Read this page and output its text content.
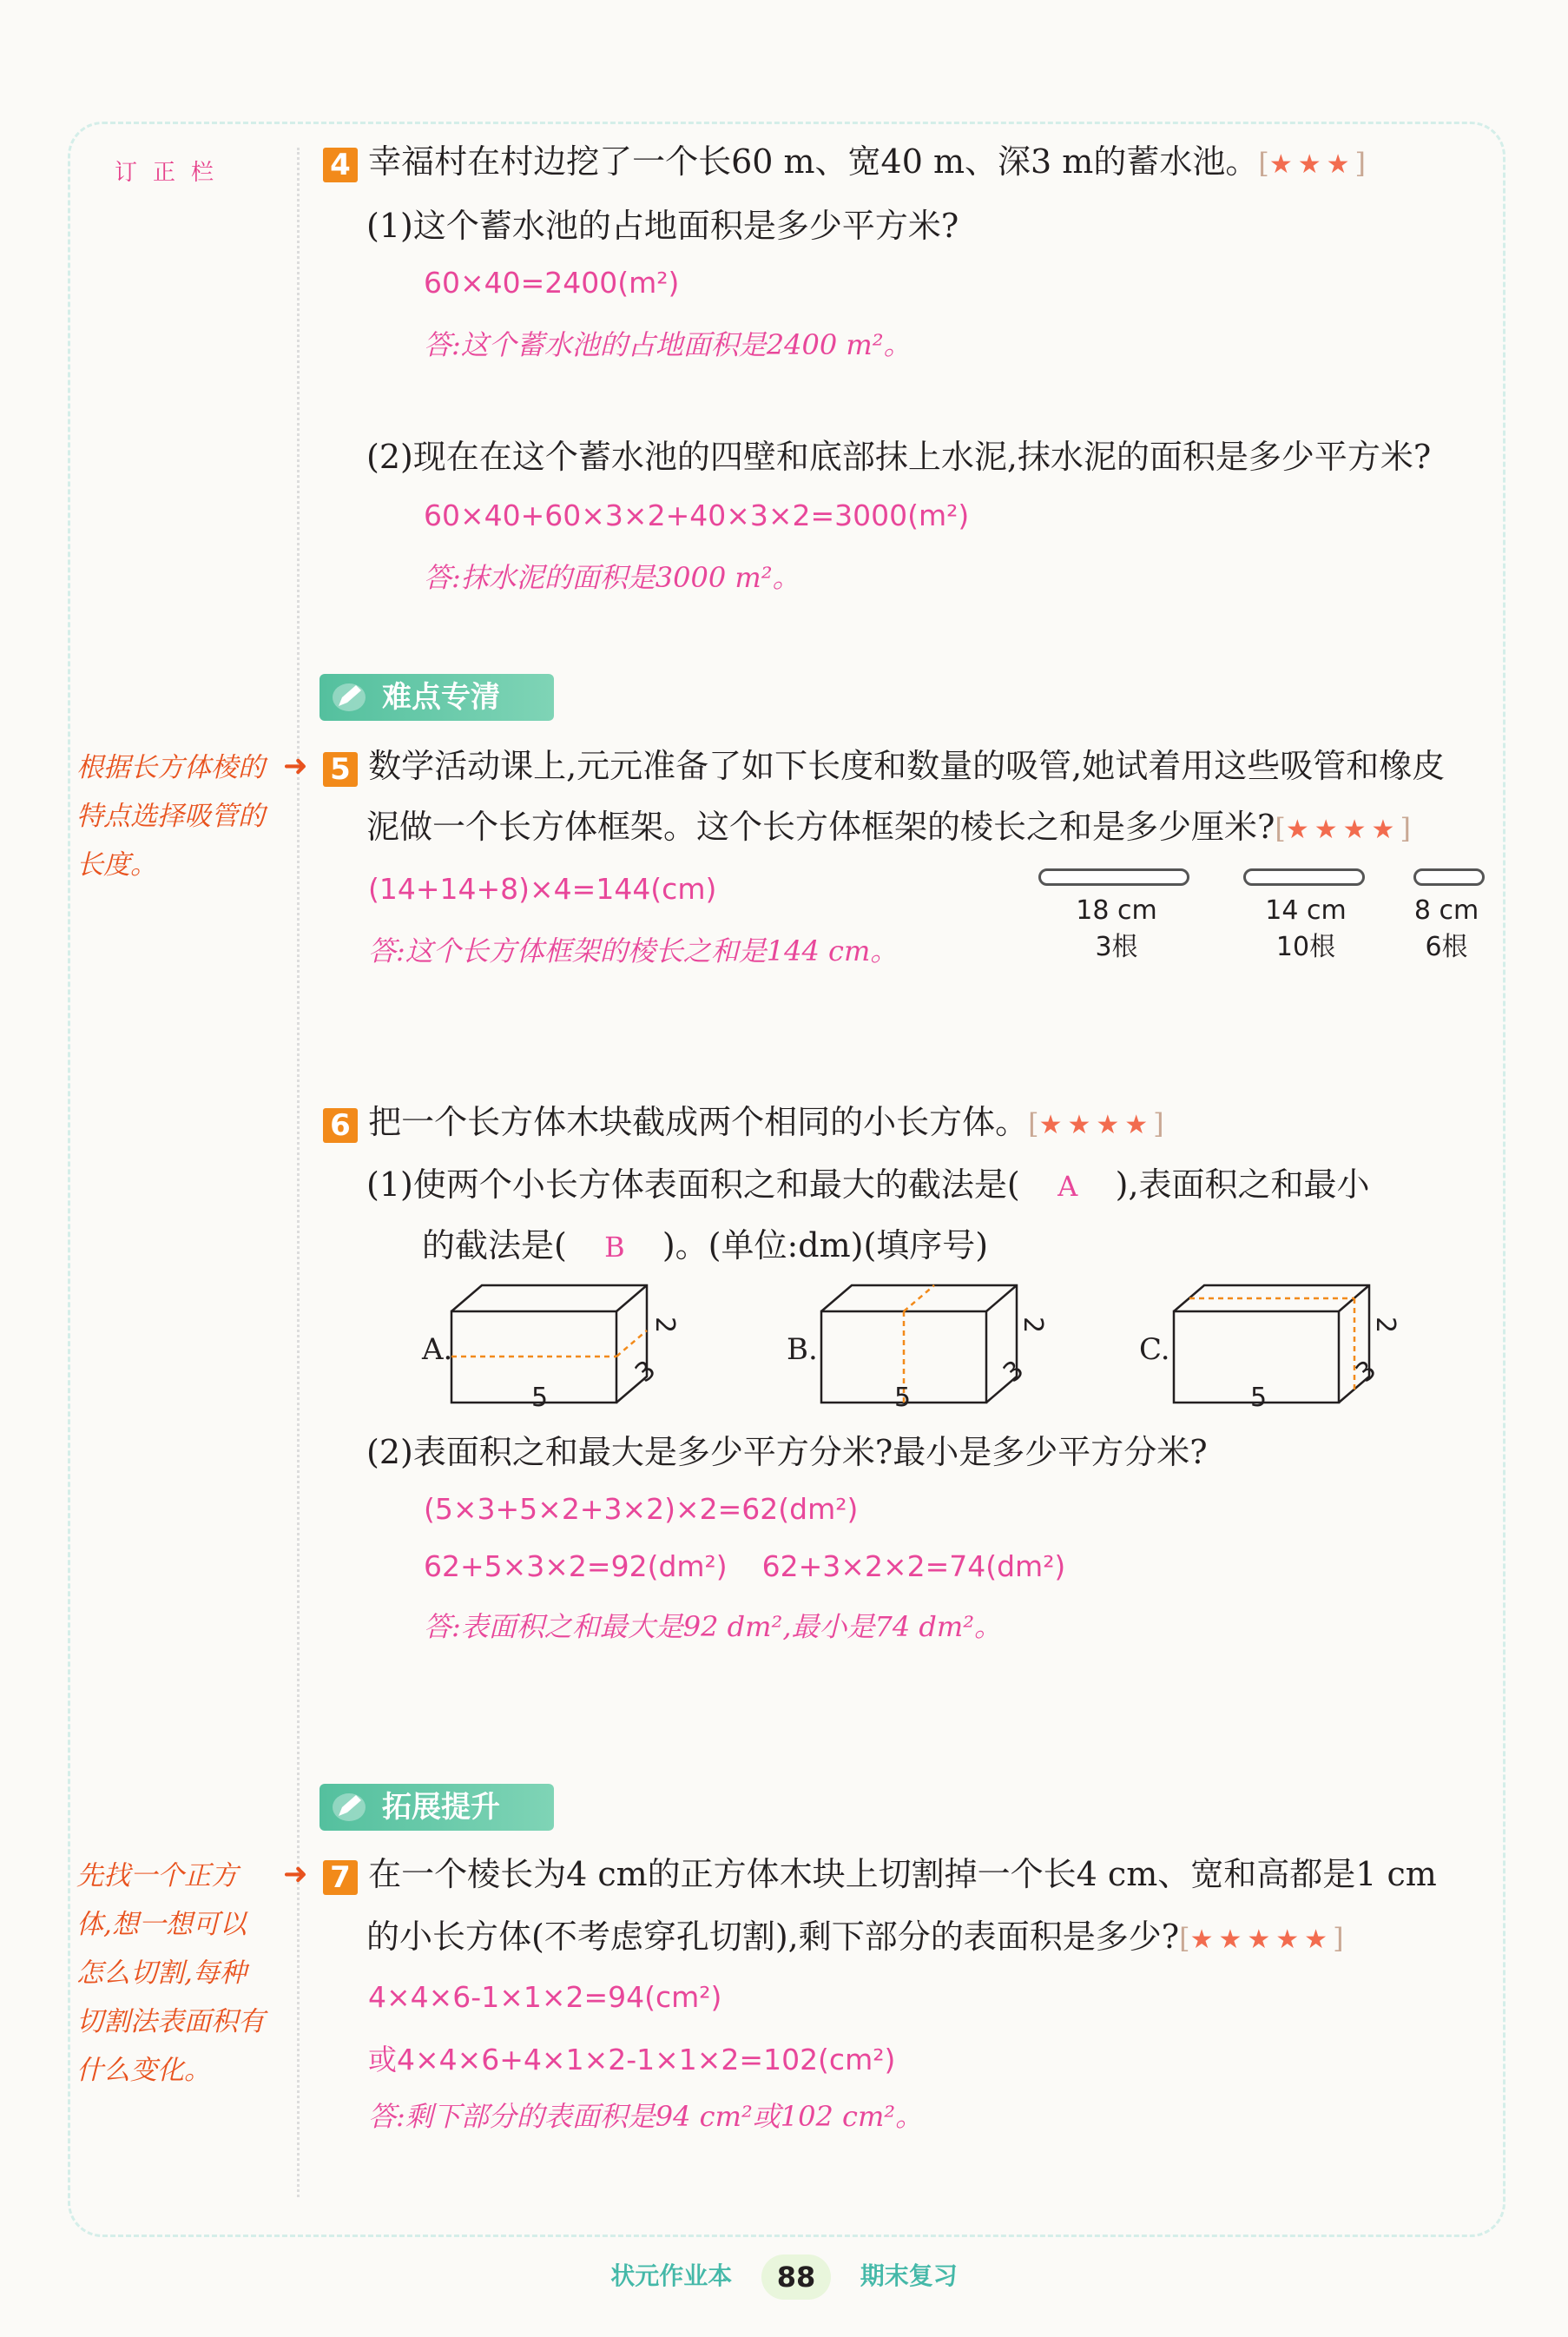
订正栏	4 幸福村在村边挖了一个长60 m、宽40 m、深3 m的蓄水池。[★★★]
(1)这个蓄水池的占地面积是多少平方米?
60×40=2400(m²)
答:这个蓄水池的占地面积是2400 m²。
(2)现在在这个蓄水池的四壁和底部抹上水泥,抹水泥的面积是多少平方米?
60×40+60×3×2+40×3×2=3000(m²)
答:抹水泥的面积是3000 m²。
难点专清
根据长方体棱的
特点选择吸管的
长度。
➜ 5 数学活动课上,元元准备了如下长度和数量的吸管,她试着用这些吸管和橡皮
泥做一个长方体框架。这个长方体框架的棱长之和是多少厘米?[★★★★]
(14+14+8)×4=144(cm)
答:这个长方体框架的棱长之和是144 cm。
18 cm
3根
14 cm
10根
8 cm
6根
6 把一个长方体木块截成两个相同的小长方体。[★★★★]
(1)使两个小长方体表面积之和最大的截法是( A ),表面积之和最小
的截法是( B )。(单位:dm)(填序号)
A.
5
3
2
B.
5
3
2
C.
5
3
2
(2)表面积之和最大是多少平方分米?最小是多少平方分米?
(5×3+5×2+3×2)×2=62(dm²)
62+5×3×2=92(dm²) 62+3×2×2=74(dm²)
答:表面积之和最大是92 dm²,最小是74 dm²。
拓展提升
先找一个正方
体,想一想可以
怎么切割,每种
切割法表面积有
什么变化。
➜ 7 在一个棱长为4 cm的正方体木块上切割掉一个长4 cm、宽和高都是1 cm
的小长方体(不考虑穿孔切割),剩下部分的表面积是多少?[★★★★★]
4×4×6-1×1×2=94(cm²)
或4×4×6+4×1×2-1×1×2=102(cm²)
答:剩下部分的表面积是94 cm²或102 cm²。
状元作业本 88 期末复习
